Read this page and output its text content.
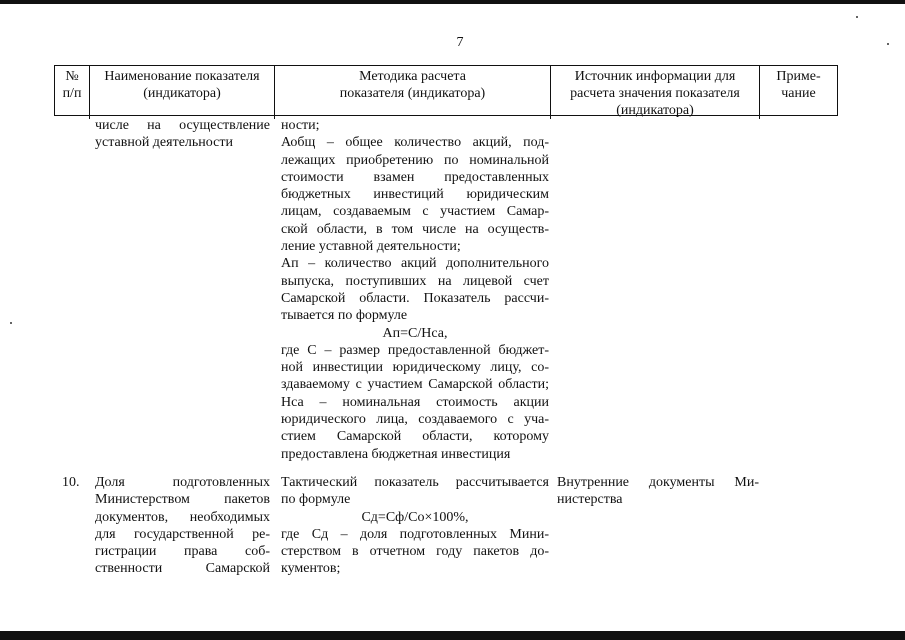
7
№
п/п
Наименование показателя
(индикатора)
Методика расчета
показателя (индикатора)
Источник информации для
расчета значения показателя
(индикатора)
Приме-
чание
числе на осуществление
уставной деятельности
ности;
Аобщ – общее количество акций, под-
лежащих приобретению по номинальной
стоимости взамен предоставленных
бюджетных инвестиций юридическим
лицам, создаваемым с участием Самар-
ской области, в том числе на осуществ-
ление уставной деятельности;
Ап – количество акций дополнительного
выпуска, поступивших на лицевой счет
Самарской области. Показатель рассчи-
тывается по формуле
Ап=С/Нса,
где С – размер предоставленной бюджет-
ной инвестиции юридическому лицу, со-
здаваемому с участием Самарской области;
Нса – номинальная стоимость акции
юридического лица, создаваемого с уча-
стием Самарской области, которому
предоставлена бюджетная инвестиция
10.	Доля подготовленных
Министерством пакетов
документов, необходимых
для государственной ре-
гистрации права соб-
ственности Самарской
Тактический показатель рассчитывается
по формуле
Сд=Сф/Со×100%,
где Сд – доля подготовленных Мини-
стерством в отчетном году пакетов до-
кументов;
Внутренние документы Ми-
нистерства
